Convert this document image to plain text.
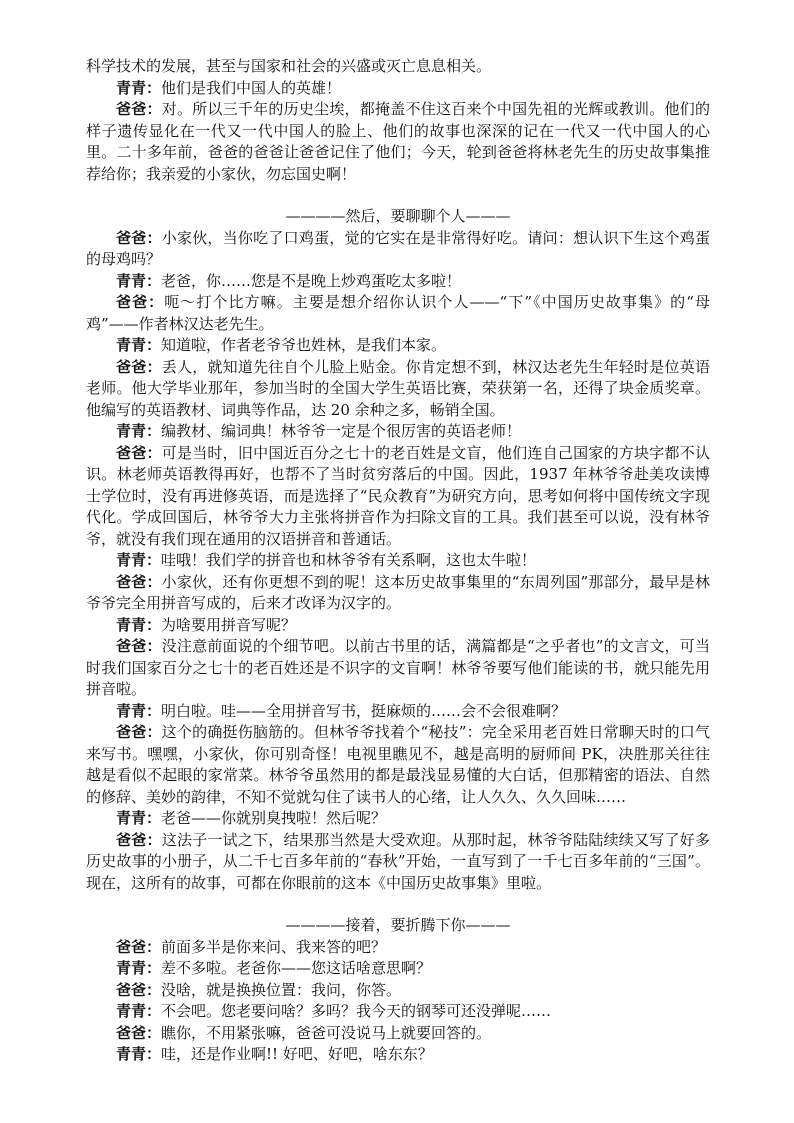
科学技术的发展，甚至与国家和社会的兴盛或灭亡息息相关。

青青：他们是我们中国人的英雄！

爸爸：对。所以三千年的历史尘埃，都掩盖不住这百来个中国先祖的光辉或教训。他们的样子遗传显化在一代又一代中国人的脸上、他们的故事也深深的记在一代又一代中国人的心里。二十多年前，爸爸的爸爸让爸爸记住了他们；今天，轮到爸爸将林老先生的历史故事集推荐给你；我亲爱的小家伙，勿忘国史啊！

————然后，要聊聊个人———

爸爸：小家伙，当你吃了口鸡蛋，觉的它实在是非常得好吃。请问：想认识下生这个鸡蛋的母鸡吗？

青青：老爸，你……您是不是晚上炒鸡蛋吃太多啦！

爸爸：呃～打个比方嘛。主要是想介绍你认识个人——“下”《中国历史故事集》的“母鸡”——作者林汉达老先生。

青青：知道啦，作者老爷爷也姓林，是我们本家。

爸爸：丢人，就知道先往自个儿脸上贴金。你肯定想不到，林汉达老先生年轻时是位英语老师。他大学毕业那年，参加当时的全国大学生英语比赛，荣获第一名，还得了块金质奖章。他编写的英语教材、词典等作品，达 20 余种之多，畅销全国。

青青：编教材、编词典！林爷爷一定是个很厉害的英语老师！

爸爸：可是当时，旧中国近百分之七十的老百姓是文盲，他们连自己国家的方块字都不认识。林老师英语教得再好，也帮不了当时贫穷落后的中国。因此，1937 年林爷爷赴美攻读博士学位时，没有再进修英语，而是选择了“民众教育”为研究方向，思考如何将中国传统文字现代化。学成回国后，林爷爷大力主张将拼音作为扫除文盲的工具。我们甚至可以说，没有林爷爷，就没有我们现在通用的汉语拼音和普通话。

青青：哇哦！我们学的拼音也和林爷爷有关系啊，这也太牛啦！

爸爸：小家伙，还有你更想不到的呢！这本历史故事集里的“东周列国”那部分，最早是林爷爷完全用拼音写成的，后来才改译为汉字的。

青青：为啥要用拼音写呢？

爸爸：没注意前面说的个细节吧。以前古书里的话，满篇都是“之乎者也”的文言文，可当时我们国家百分之七十的老百姓还是不识字的文盲啊！林爷爷要写他们能读的书，就只能先用拼音啦。

青青：明白啦。哇——全用拼音写书，挺麻烦的……会不会很难啊？

爸爸：这个的确挺伤脑筋的。但林爷爷找着个“秘技”：完全采用老百姓日常聊天时的口气来写书。嘿嘿，小家伙，你可别奇怪！电视里瞧见不，越是高明的厨师间 PK，决胜那关往往越是看似不起眼的家常菜。林爷爷虽然用的都是最浅显易懂的大白话，但那精密的语法、自然的修辞、美妙的韵律，不知不觉就勾住了读书人的心绪，让人久久、久久回味……

青青：老爸——你就别臭拽啦！然后呢？

爸爸：这法子一试之下，结果那当然是大受欢迎。从那时起，林爷爷陆陆续续又写了好多历史故事的小册子，从二千七百多年前的“春秋”开始，一直写到了一千七百多年前的“三国”。现在，这所有的故事，可都在你眼前的这本《中国历史故事集》里啦。

————接着，要折腾下你———

爸爸：前面多半是你来问、我来答的吧？

青青：差不多啦。老爸你——您这话啥意思啊？

爸爸：没啥，就是换换位置：我问，你答。

青青：不会吧。您老要问啥？多吗？我今天的钢琴可还没弹呢……

爸爸：瞧你，不用紧张嘛，爸爸可没说马上就要回答的。

青青：哇，还是作业啊!! 好吧、好吧，啥东东？
